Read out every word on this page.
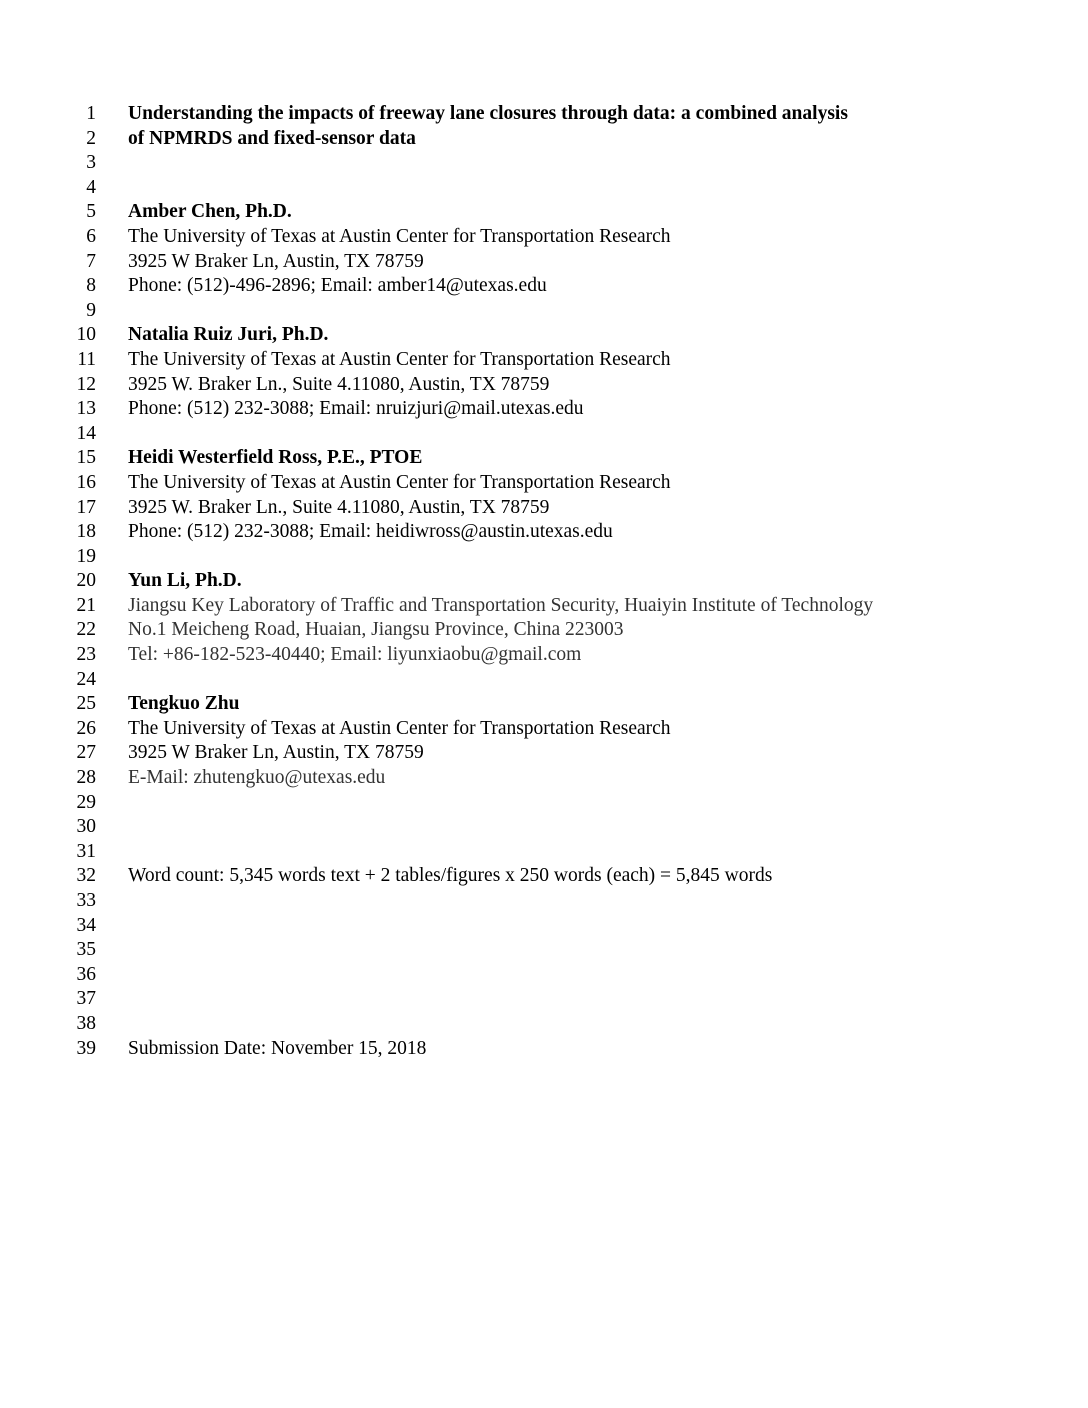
1 Understanding the impacts of freeway lane closures through data: a combined analysis
2 of NPMRDS and fixed-sensor data
3
4
5 Amber Chen, Ph.D.
6 The University of Texas at Austin Center for Transportation Research
7 3925 W Braker Ln, Austin, TX 78759
8 Phone: (512)-496-2896; Email: amber14@utexas.edu
9
10 Natalia Ruiz Juri, Ph.D.
11 The University of Texas at Austin Center for Transportation Research
12 3925 W. Braker Ln., Suite 4.11080, Austin, TX 78759
13 Phone: (512) 232-3088; Email: nruizjuri@mail.utexas.edu
14
15 Heidi Westerfield Ross, P.E., PTOE
16 The University of Texas at Austin Center for Transportation Research
17 3925 W. Braker Ln., Suite 4.11080, Austin, TX 78759
18 Phone: (512) 232-3088; Email: heidiwross@austin.utexas.edu
19
20 Yun Li, Ph.D.
21 Jiangsu Key Laboratory of Traffic and Transportation Security, Huaiyin Institute of Technology
22 No.1 Meicheng Road, Huaian, Jiangsu Province, China 223003
23 Tel: +86-182-523-40440; Email: liyunxiaobu@gmail.com
24
25 Tengkuo Zhu
26 The University of Texas at Austin Center for Transportation Research
27 3925 W Braker Ln, Austin, TX 78759
28 E-Mail: zhutengkuo@utexas.edu
29
30
31
32 Word count: 5,345 words text + 2 tables/figures x 250 words (each) = 5,845 words
33
34
35
36
37
38
39 Submission Date: November 15, 2018
